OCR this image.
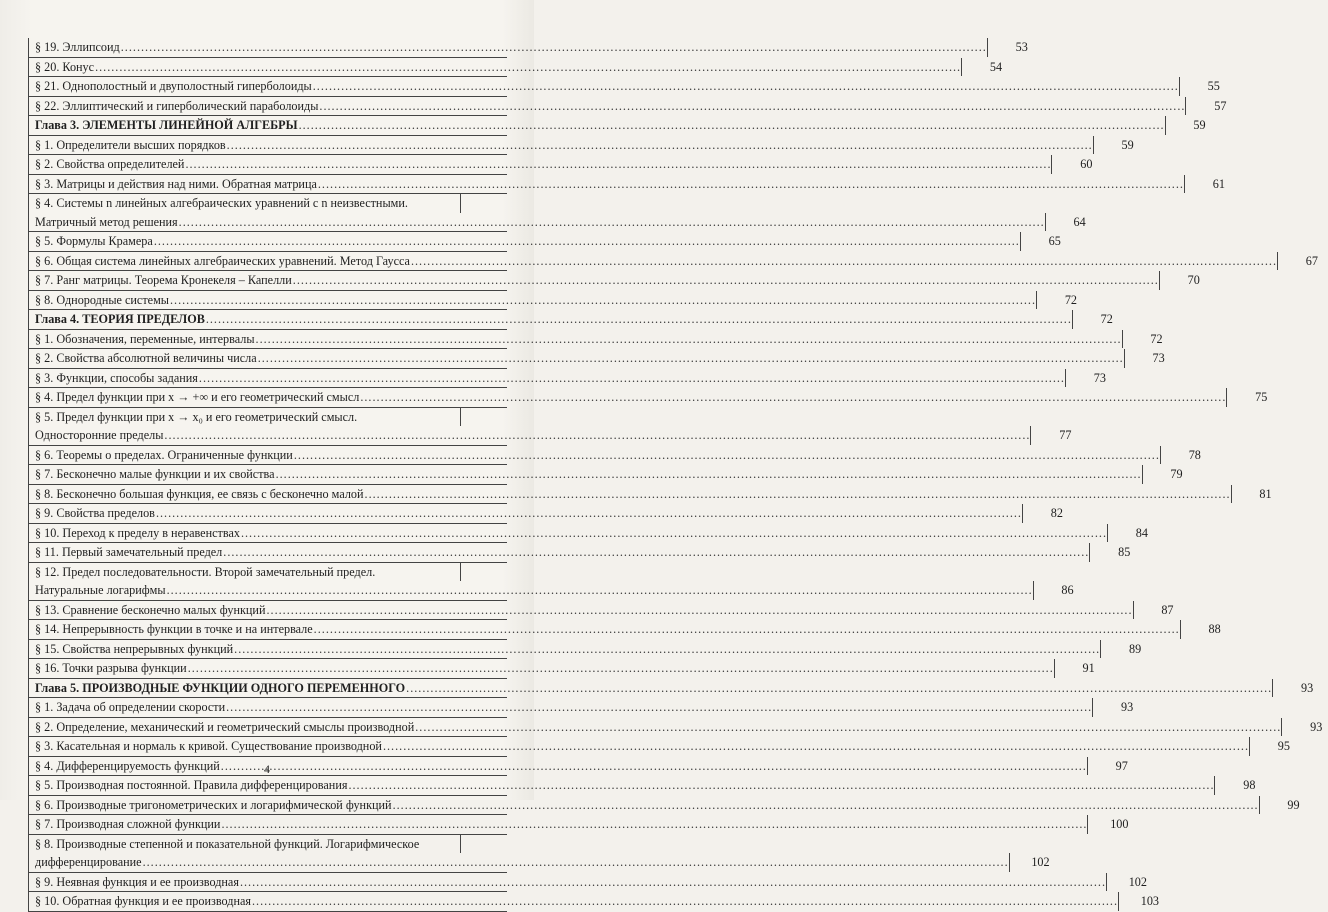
§ 19. Эллипсоид .....	53
§ 20. Конус .....	54
§ 21. Однополостный и двуполостный гиперболоиды .....	55
§ 22. Эллиптический и гиперболический параболоиды .....	57
Глава 3. ЭЛЕМЕНТЫ ЛИНЕЙНОЙ АЛГЕБРЫ .....	59
§ 1. Определители высших порядков .....	59
§ 2. Свойства определителей .....	60
§ 3. Матрицы и действия над ними. Обратная матрица .....	61
§ 4. Системы n линейных алгебраических уравнений с n неизвестными.
Матричный метод решения .....	64
§ 5. Формулы Крамера .....	65
§ 6. Общая система линейных алгебраических уравнений. Метод Гаусса .....	67
§ 7. Ранг матрицы. Теорема Кронекеля – Капелли .....	70
§ 8. Однородные системы .....	72
Глава 4. ТЕОРИЯ ПРЕДЕЛОВ .....	72
§ 1. Обозначения, переменные, интервалы .....	72
§ 2. Свойства абсолютной величины числа .....	73
§ 3. Функции, способы задания .....	73
§ 4. Предел функции при x → +∞ и его геометрический смысл .....	75
§ 5. Предел функции при x → x₀ и его геометрический смысл.
Односторонние пределы .....	77
§ 6. Теоремы о пределах. Ограниченные функции .....	78
§ 7. Бесконечно малые функции и их свойства .....	79
§ 8. Бесконечно большая функция, ее связь с бесконечно малой .....	81
§ 9. Свойства пределов .....	82
§ 10. Переход к пределу в неравенствах .....	84
§ 11. Первый замечательный предел .....	85
§ 12. Предел последовательности. Второй замечательный предел.
Натуральные логарифмы .....	86
§ 13. Сравнение бесконечно малых функций .....	87
§ 14. Непрерывность функции в точке и на интервале .....	88
§ 15. Свойства непрерывных функций .....	89
§ 16. Точки разрыва функции .....	91
Глава 5. ПРОИЗВОДНЫЕ ФУНКЦИИ ОДНОГО ПЕРЕМЕННОГО .....	93
§ 1. Задача об определении скорости .....	93
§ 2. Определение, механический и геометрический смыслы производной .....	93
§ 3. Касательная и нормаль к кривой. Существование производной .....	95
§ 4. Дифференцируемость функций .....	97
§ 5. Производная постоянной. Правила дифференцирования .....	98
§ 6. Производные тригонометрических и логарифмической функций .....	99
§ 7. Производная сложной функции .....	100
§ 8. Производные степенной и показательной функций. Логарифмическое
дифференцирование .....	102
§ 9. Неявная функция и ее производная .....	102
§ 10. Обратная функция и ее производная .....	103
4
